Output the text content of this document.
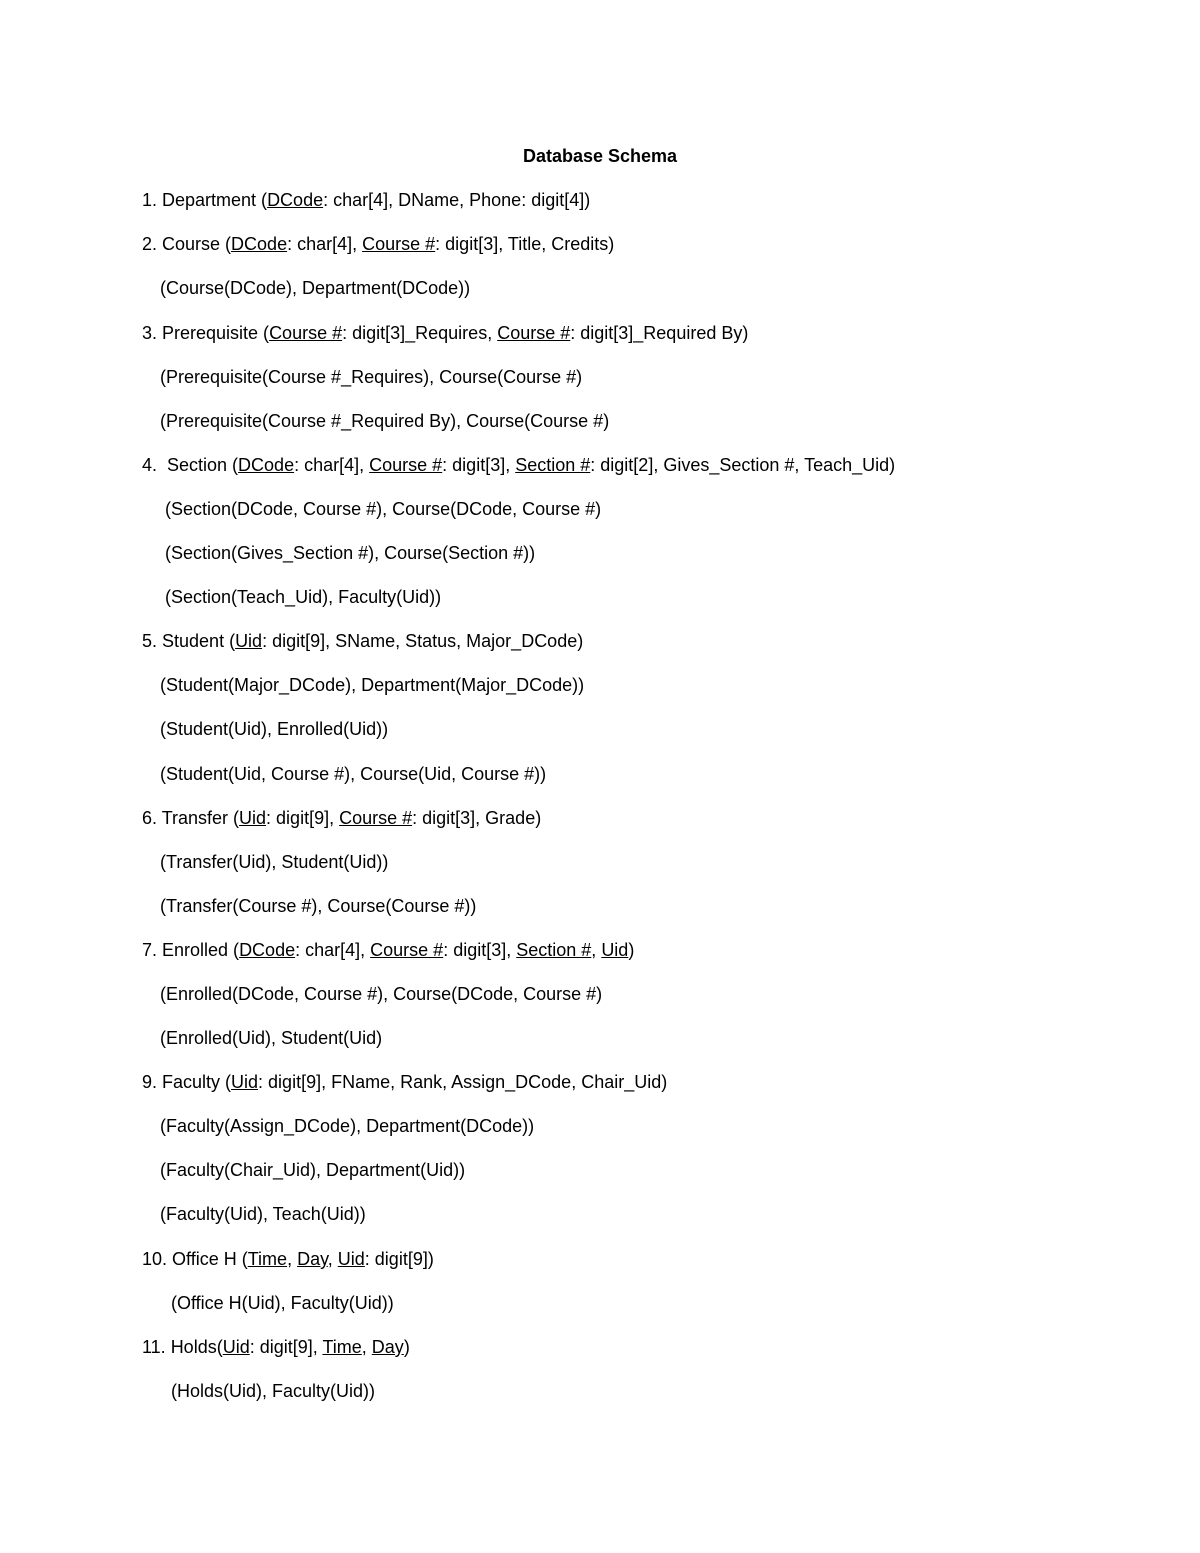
Database Schema
1. Department (DCode: char[4], DName, Phone: digit[4])
2. Course (DCode: char[4], Course #: digit[3], Title, Credits)
(Course(DCode), Department(DCode))
3. Prerequisite (Course #: digit[3]_Requires, Course #: digit[3]_Required By)
(Prerequisite(Course #_Requires), Course(Course #)
(Prerequisite(Course #_Required By), Course(Course #)
4.  Section (DCode: char[4], Course #: digit[3], Section #: digit[2], Gives_Section #, Teach_Uid)
(Section(DCode, Course #), Course(DCode, Course #)
(Section(Gives_Section #), Course(Section #))
(Section(Teach_Uid), Faculty(Uid))
5. Student (Uid: digit[9], SName, Status, Major_DCode)
(Student(Major_DCode), Department(Major_DCode))
(Student(Uid), Enrolled(Uid))
(Student(Uid, Course #), Course(Uid, Course #))
6. Transfer (Uid: digit[9], Course #: digit[3], Grade)
(Transfer(Uid), Student(Uid))
(Transfer(Course #), Course(Course #))
7. Enrolled (DCode: char[4], Course #: digit[3], Section #, Uid)
(Enrolled(DCode, Course #), Course(DCode, Course #)
(Enrolled(Uid), Student(Uid)
9. Faculty (Uid: digit[9], FName, Rank, Assign_DCode, Chair_Uid)
(Faculty(Assign_DCode), Department(DCode))
(Faculty(Chair_Uid), Department(Uid))
(Faculty(Uid), Teach(Uid))
10. Office H (Time, Day, Uid: digit[9])
(Office H(Uid), Faculty(Uid))
11. Holds(Uid: digit[9], Time, Day)
(Holds(Uid), Faculty(Uid))
